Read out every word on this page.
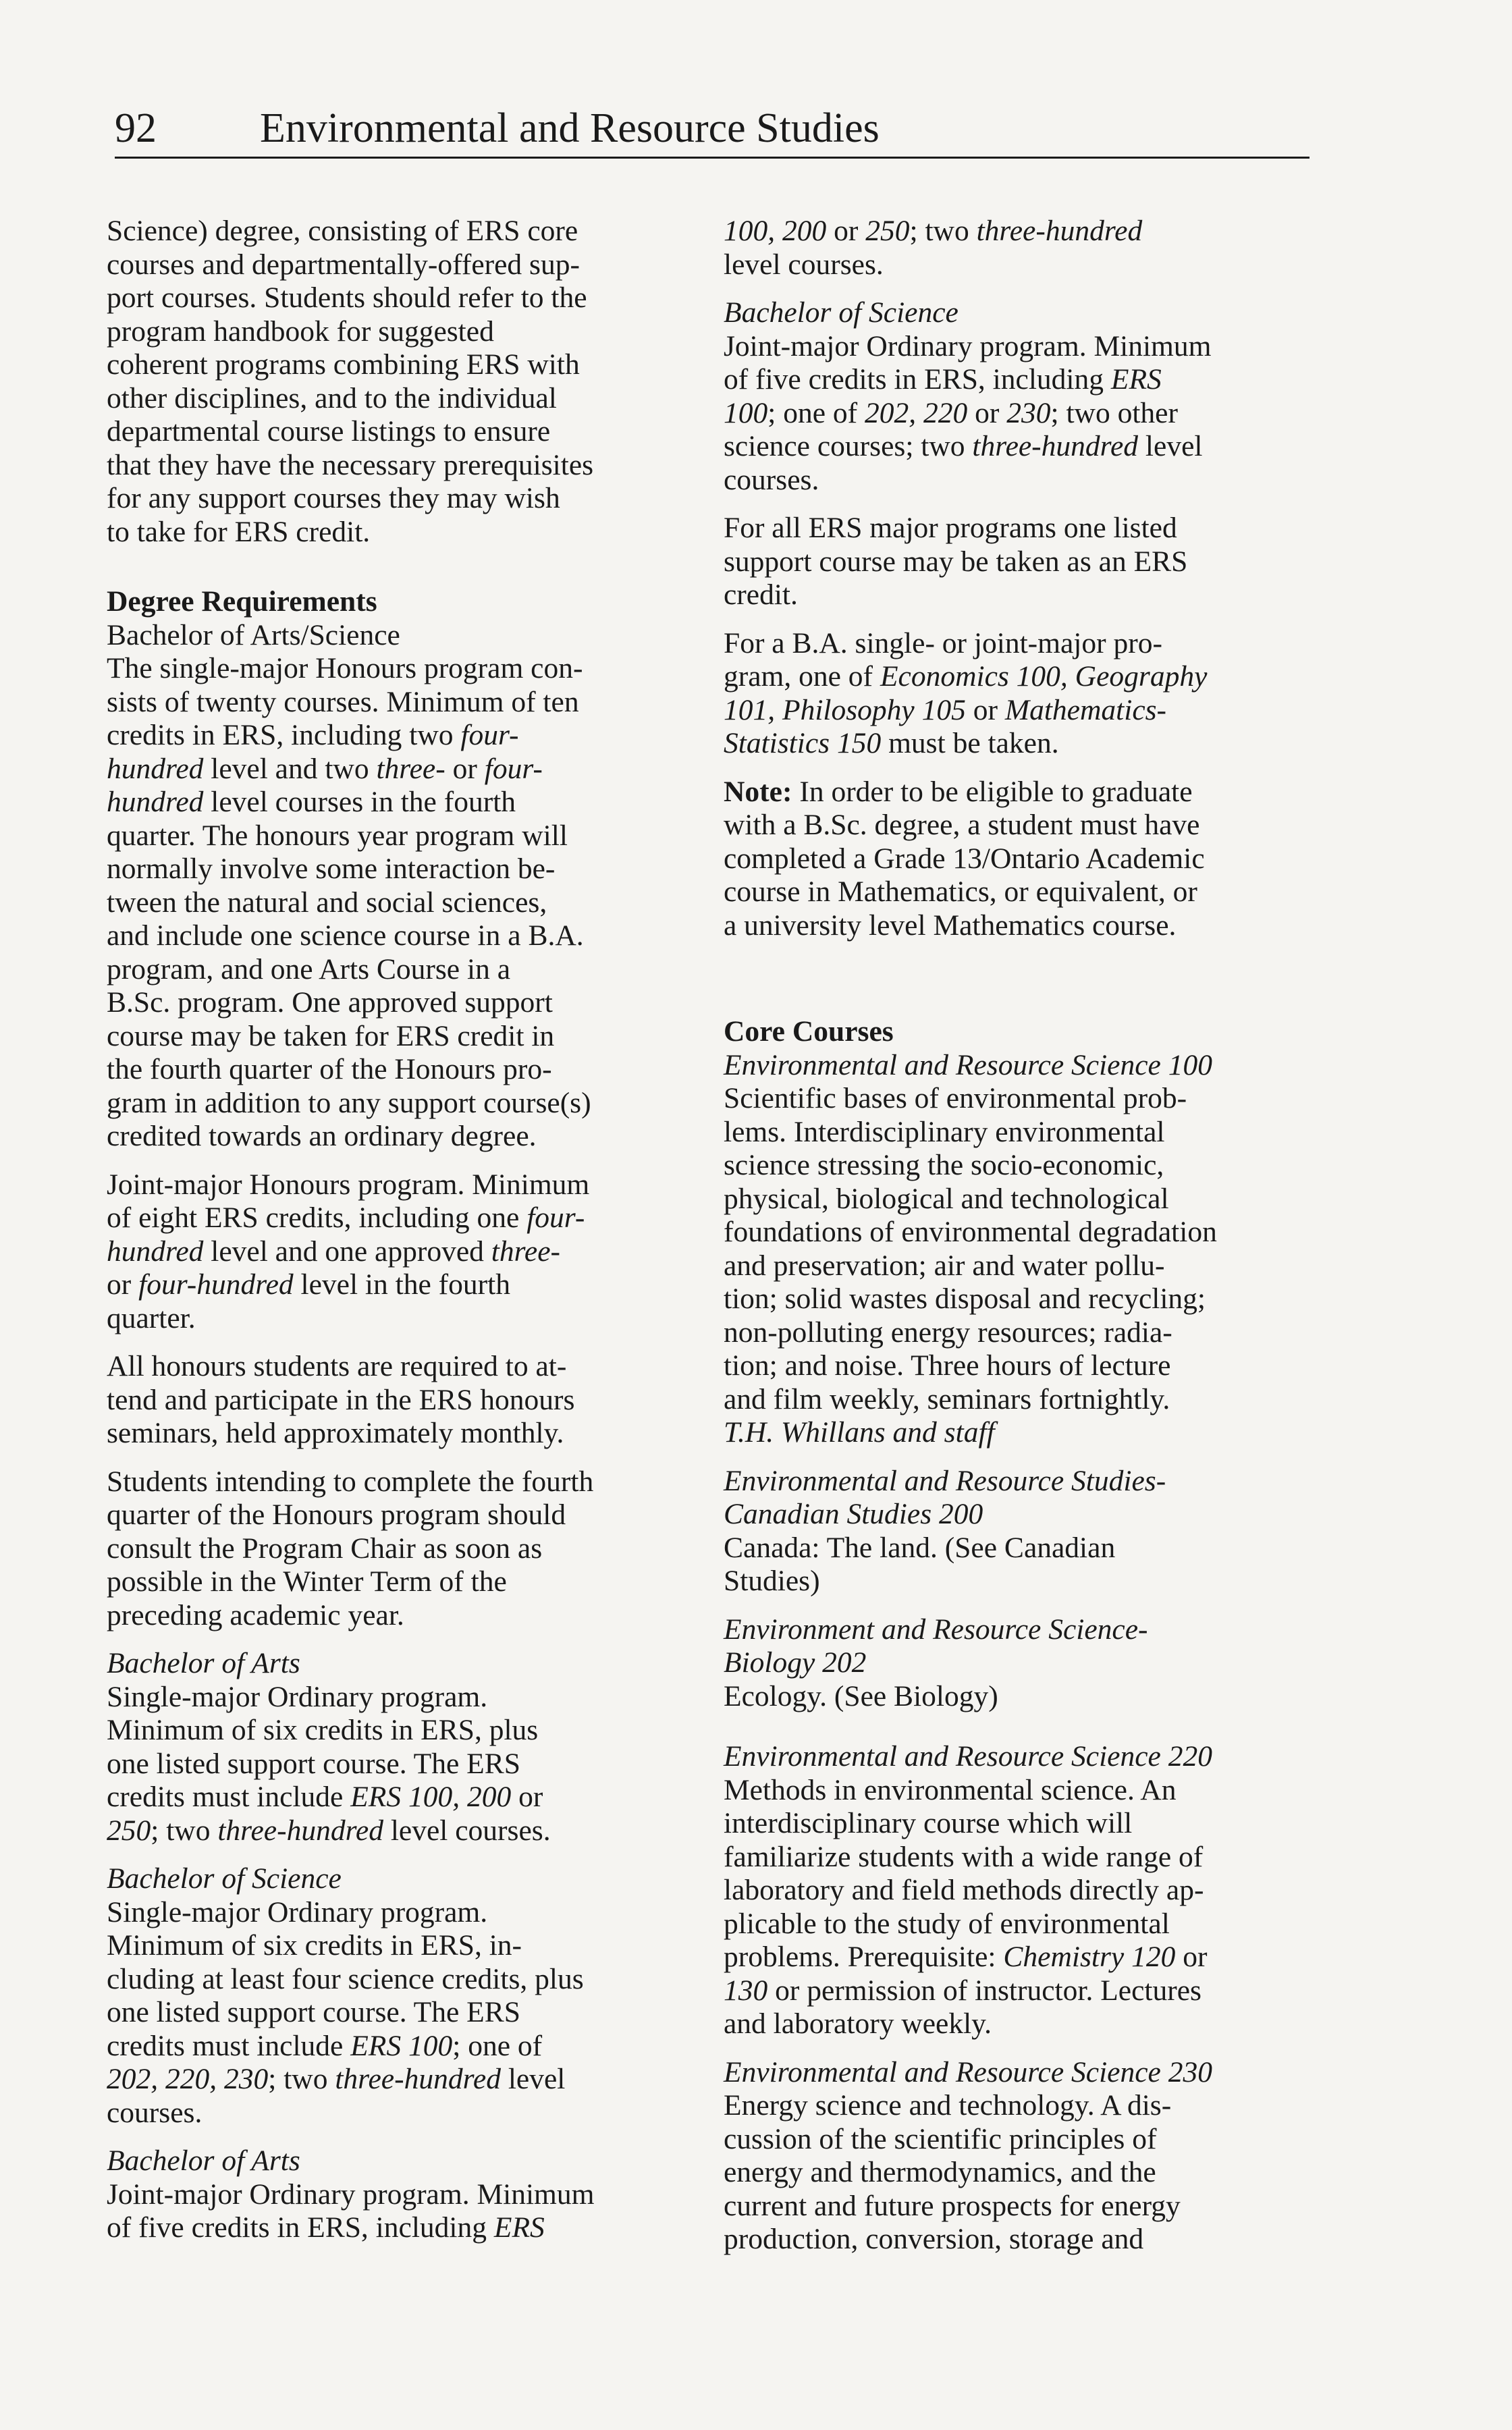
92 Environmental and Resource Studies

Science) degree, consisting of ERS core
courses and departmentally-offered sup-
port courses. Students should refer to the
program handbook for suggested
coherent programs combining ERS with
other disciplines, and to the individual
departmental course listings to ensure
that they have the necessary prerequisites
for any support courses they may wish
to take for ERS credit.

Degree Requirements
Bachelor of Arts/Science

The single-major Honours program con-
sists of twenty courses. Minimum of ten
credits in ERS, including two four-
hundred level and two three- or four-
hundred level courses in the fourth
quarter. The honours year program will
normally involve some interaction be-
tween the natural and social sciences,
and include one science course in a B.A.
program, and one Arts Course in a
B.Sc. program. One approved support
course may be taken for ERS credit in
the fourth quarter of the Honours pro-
gram in addition to any support course(s)
credited towards an ordinary degree.

Joint-major Honours program. Minimum
of eight ERS credits, including one four-
hundred level and one approved three-
or four-hundred level in the fourth
quarter.

All honours students are required to at-
tend and participate in the ERS honours
seminars, held approximately monthly.

Students intending to complete the fourth
quarter of the Honours program should
consult the Program Chair as soon as
possible in the Winter Term of the
preceding academic year.

Bachelor of Arts

Single-major Ordinary program.
Minimum of six credits in ERS, plus
one listed support course. The ERS
credits must include ERS 100, 200 or
250; two three-hundred level courses.

Bachelor of Science

Single-major Ordinary program.
Minimum of six credits in ERS, in-
cluding at least four science credits, plus
one listed support course. The ERS
credits must include ERS 100; one of
202, 220, 230; two three-hundred level
courses.

Bachelor of Arts

Joint-major Ordinary program. Minimum
of five credits in ERS, including ERS

100, 200 or 250; two three-hundred
level courses.

Bachelor of Science

Joint-major Ordinary program. Minimum
of five credits in ERS, including ERS
100; one of 202, 220 or 230; two other
science courses; two three-hundred level
courses.

For all ERS major programs one listed
support course may be taken as an ERS
credit.

For a B.A. single- or joint-major pro-
gram, one of Economics 100, Geography
101, Philosophy 105 or Mathematics-
Statistics 150 must be taken.

Note: In order to be eligible to graduate
with a B.Sc. degree, a student must have
completed a Grade 13/Ontario Academic
course in Mathematics, or equivalent, or
a university level Mathematics course.

Core Courses
Environmental and Resource Science 100
Scientific bases of environmental prob-
lems. Interdisciplinary environmental
science stressing the socio-economic,
physical, biological and technological
foundations of environmental degradation
and preservation; air and water pollu-
tion; solid wastes disposal and recycling;
non-polluting energy resources; radia-
tion; and noise. Three hours of lecture
and film weekly, seminars fortnightly.

T.H. Whillans and staff

Environmental and Resource Studies-
Canadian Studies 200

Canada: The land. (See Canadian
Studies)

Environment and Resource Science-
Biology 202

Ecology. (See Biology)

Environmental and Resource Science 220

Methods in environmental science. An
interdisciplinary course which will
familiarize students with a wide range of
laboratory and field methods directly ap-
plicable to the study of environmental
problems. Prerequisite: Chemistry 120 or
130 or permission of instructor. Lectures
and laboratory weekly.

Environmental and Resource Science 230
Energy science and technology. A dis-
cussion of the scientific principles of
energy and thermodynamics, and the
current and future prospects for energy
production, conversion, storage and
